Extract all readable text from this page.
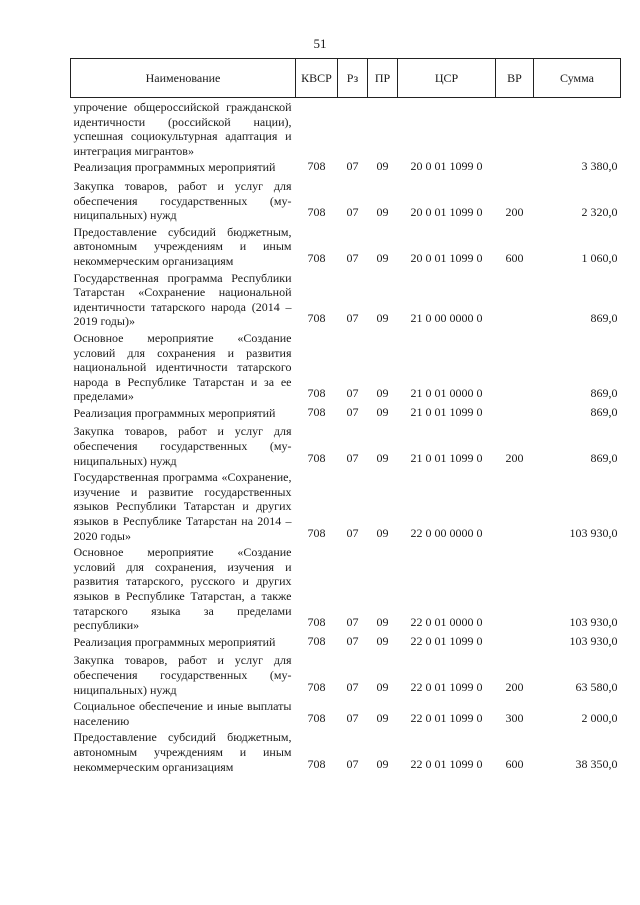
51
Наименование	КВСР	Рз	ПР	ЦСР	ВР	Сумма
упрочение общероссийской гражданской идентичности (российской нации), успешная социокультурная адаптация и интеграция мигрантов»						
Реализация программных мероприятий	708	07	09	20 0 01 1099 0		3 380,0
Закупка товаров, работ и услуг для обеспечения государственных (муниципальных) нужд	708	07	09	20 0 01 1099 0	200	2 320,0
Предоставление субсидий бюджетным, автономным учреждениям и иным некоммерческим организациям	708	07	09	20 0 01 1099 0	600	1 060,0
Государственная программа Республики Татарстан «Сохранение национальной идентичности татарского народа (2014 – 2019 годы)»	708	07	09	21 0 00 0000 0		869,0
Основное мероприятие «Создание условий для сохранения и развития национальной идентичности татарского народа в Республике Татарстан и за ее пределами»	708	07	09	21 0 01 0000 0		869,0
Реализация программных мероприятий	708	07	09	21 0 01 1099 0		869,0
Закупка товаров, работ и услуг для обеспечения государственных (муниципальных) нужд	708	07	09	21 0 01 1099 0	200	869,0
Государственная программа «Сохранение, изучение и развитие государственных языков Республики Татарстан и других языков в Республике Татарстан на 2014 – 2020 годы»	708	07	09	22 0 00 0000 0		103 930,0
Основное мероприятие «Создание условий для сохранения, изучения и развития татарского, русского и других языков в Республике Татарстан, а также татарского языка за пределами республики»	708	07	09	22 0 01 0000 0		103 930,0
Реализация программных мероприятий	708	07	09	22 0 01 1099 0		103 930,0
Закупка товаров, работ и услуг для обеспечения государственных (муниципальных) нужд	708	07	09	22 0 01 1099 0	200	63 580,0
Социальное обеспечение и иные выплаты населению	708	07	09	22 0 01 1099 0	300	2 000,0
Предоставление субсидий бюджетным, автономным учреждениям и иным некоммерческим организациям	708	07	09	22 0 01 1099 0	600	38 350,0
